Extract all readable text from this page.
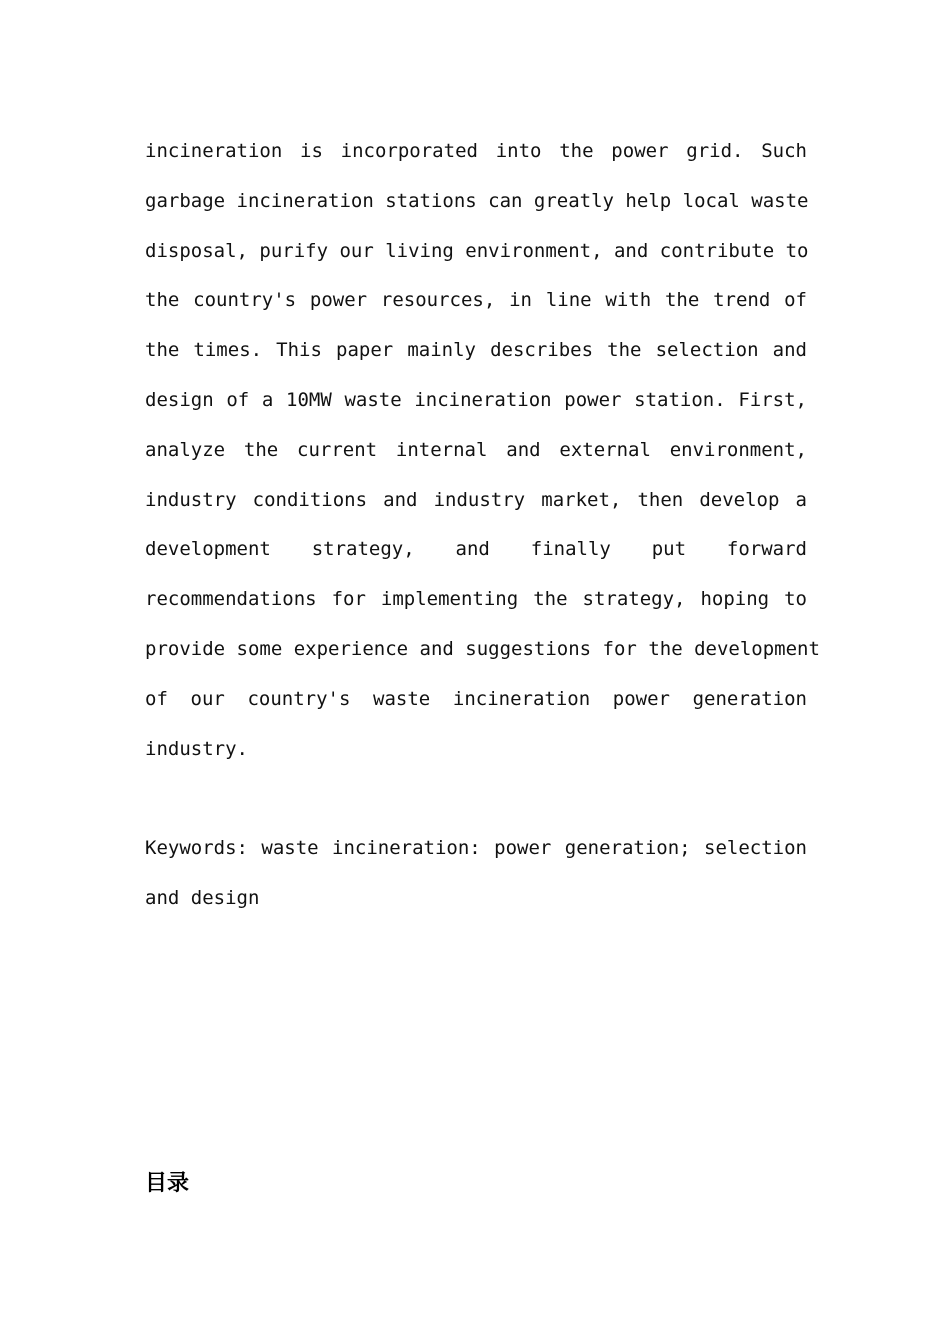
incineration is incorporated into the power grid. Such
garbage incineration stations can greatly help local waste
disposal, purify our living environment, and contribute to
the country's power resources, in line with the trend of
the times. This paper mainly describes the selection and
design of a 10MW waste incineration power station. First,
analyze the current internal and external environment,
industry conditions and industry market, then develop a
development strategy, and finally put forward
recommendations for implementing the strategy, hoping to
provide some experience and suggestions for the development
of our country's waste incineration power generation
industry.
Keywords: waste incineration: power generation; selection
and design
目录
